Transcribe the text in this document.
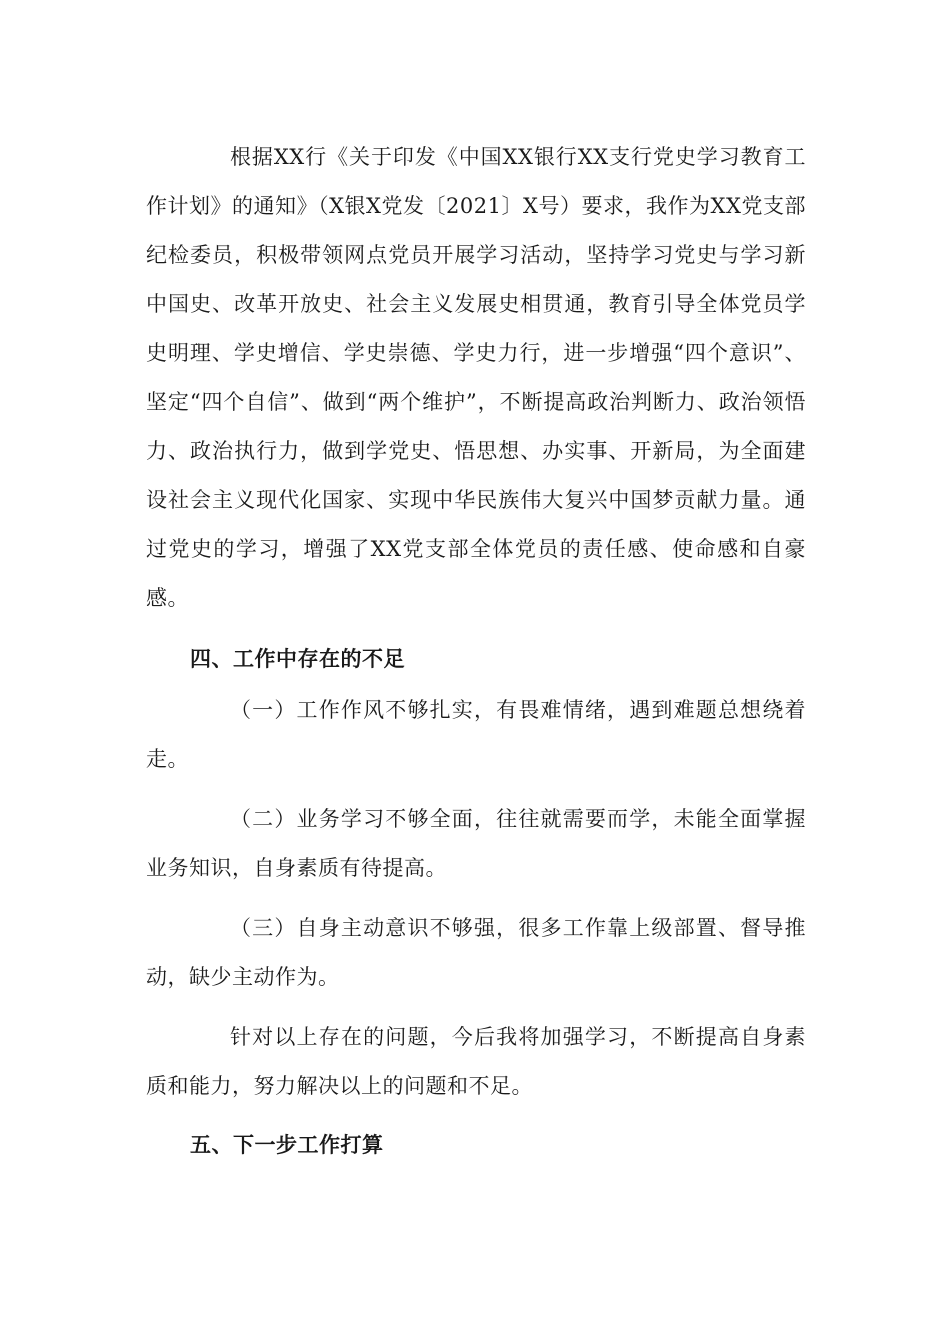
根据XX行《关于印发《中国XX银行XX支行党史学习教育工作计划》的通知》（X银X党发〔2021〕X号）要求，我作为XX党支部纪检委员，积极带领网点党员开展学习活动，坚持学习党史与学习新中国史、改革开放史、社会主义发展史相贯通，教育引导全体党员学史明理、学史增信、学史崇德、学史力行，进一步增强“四个意识”、坚定“四个自信”、做到“两个维护”，不断提高政治判断力、政治领悟力、政治执行力，做到学党史、悟思想、办实事、开新局，为全面建设社会主义现代化国家、实现中华民族伟大复兴中国梦贡献力量。通过党史的学习，增强了XX党支部全体党员的责任感、使命感和自豪感。

四、工作中存在的不足

（一）工作作风不够扎实，有畏难情绪，遇到难题总想绕着走。

（二）业务学习不够全面，往往就需要而学，未能全面掌握业务知识，自身素质有待提高。

（三）自身主动意识不够强，很多工作靠上级部置、督导推动，缺少主动作为。

针对以上存在的问题，今后我将加强学习，不断提高自身素质和能力，努力解决以上的问题和不足。

五、下一步工作打算
